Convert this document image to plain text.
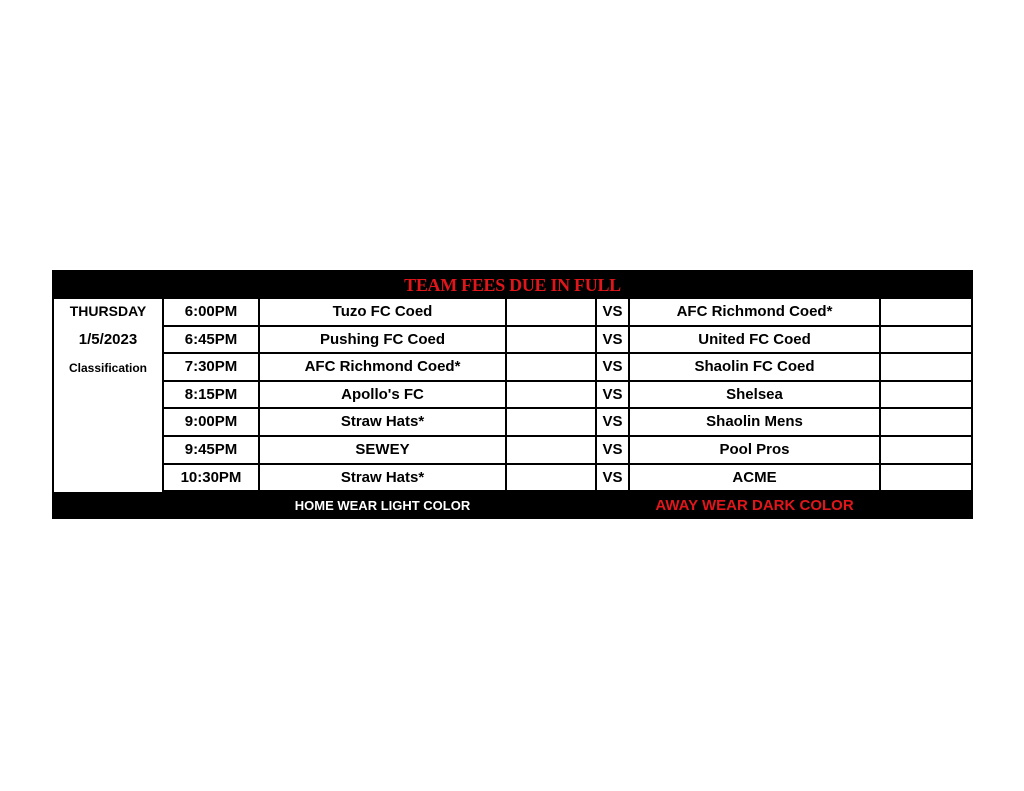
TEAM FEES DUE IN FULL
THURSDAY
1/5/2023
Classification
6:00PM	Tuzo FC Coed	VS	AFC Richmond Coed*
6:45PM	Pushing FC Coed	VS	United FC Coed
7:30PM	AFC Richmond Coed*	VS	Shaolin FC Coed
8:15PM	Apollo's FC	VS	Shelsea
9:00PM	Straw Hats*	VS	Shaolin Mens
9:45PM	SEWEY	VS	Pool Pros
10:30PM	Straw Hats*	VS	ACME
HOME WEAR LIGHT COLOR	AWAY WEAR DARK COLOR
